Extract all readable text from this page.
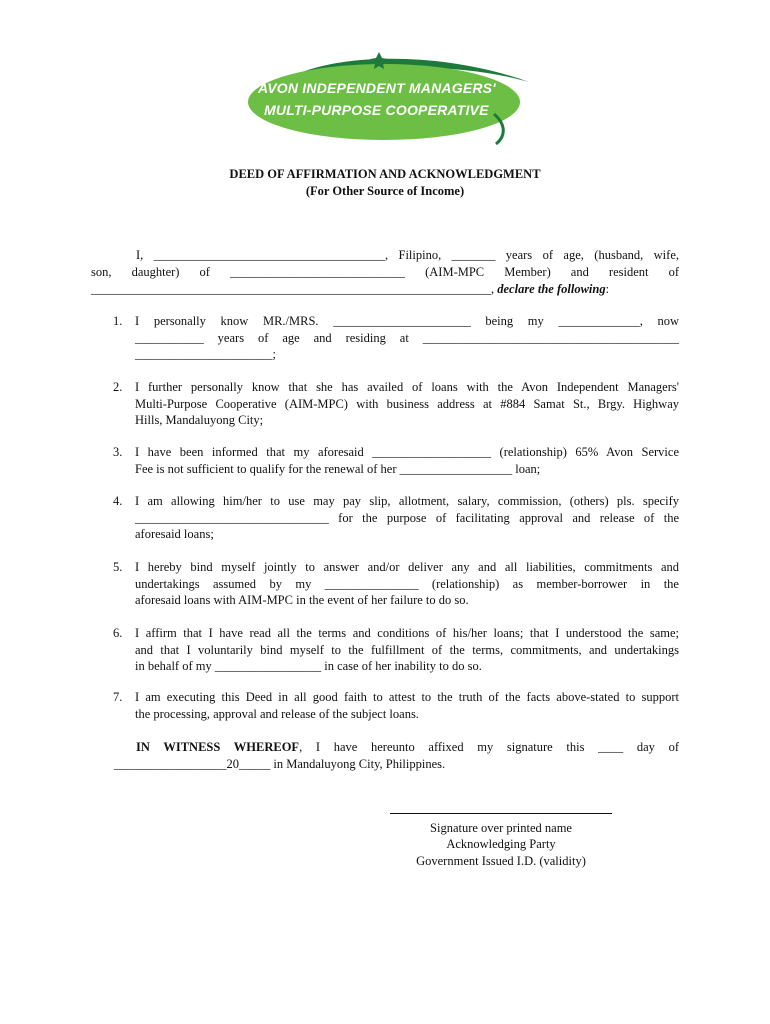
AVON INDEPENDENT MANAGERS'
MULTI-PURPOSE COOPERATIVE
DEED OF AFFIRMATION AND ACKNOWLEDGMENT
(For Other Source of Income)
I, _____________________________________, Filipino, _______ years of age, (husband, wife,
son, daughter) of ____________________________ (AIM-MPC Member) and resident of
________________________________________________________________, declare the following:
1.	I personally know MR./MRS. ______________________ being my _____________, now
___________ years of age and residing at _________________________________________
______________________;
2.	I further personally know that she has availed of loans with the Avon Independent Managers'
Multi-Purpose Cooperative (AIM-MPC) with business address at #884 Samat St., Brgy. Highway
Hills, Mandaluyong City;
3.	I have been informed that my aforesaid ___________________ (relationship) 65% Avon Service
Fee is not sufficient to qualify for the renewal of her __________________ loan;
4.	I am allowing him/her to use may pay slip, allotment, salary, commission, (others) pls. specify
_______________________________ for the purpose of facilitating approval and release of the
aforesaid loans;
5.	I hereby bind myself jointly to answer and/or deliver any and all liabilities, commitments and
undertakings assumed by my _______________ (relationship) as member-borrower in the
aforesaid loans with AIM-MPC in the event of her failure to do so.
6.	I affirm that I have read all the terms and conditions of his/her loans; that I understood the same;
and that I voluntarily bind myself to the fulfillment of the terms, commitments, and undertakings
in behalf of my _________________ in case of her inability to do so.
7.	I am executing this Deed in all good faith to attest to the truth of the facts above-stated to support
the processing, approval and release of the subject loans.
IN WITNESS WHEREOF, I have hereunto affixed my signature this ____ day of
__________________20_____ in Mandaluyong City, Philippines.
Signature over printed name
Acknowledging Party
Government Issued I.D. (validity)
